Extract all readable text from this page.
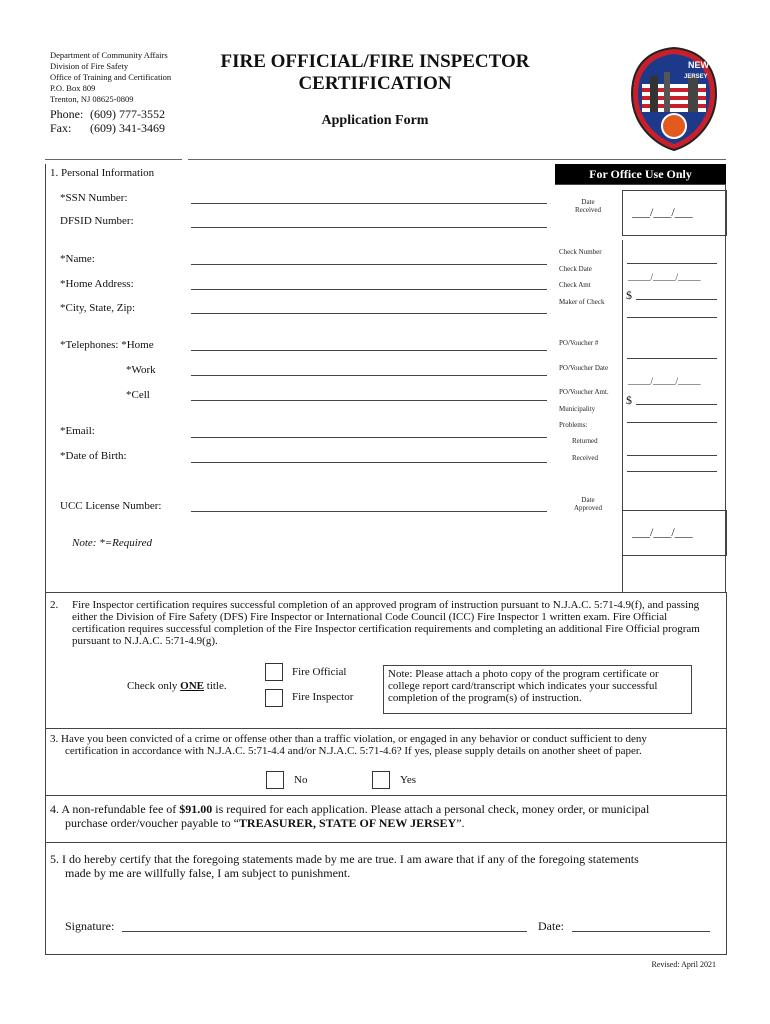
Department of Community Affairs
Division of Fire Safety
Office of Training and Certification
P.O. Box 809
Trenton, NJ 08625-0809
Phone: (609) 777-3552
Fax: (609) 341-3469
FIRE OFFICIAL/FIRE INSPECTOR
CERTIFICATION
Application Form
NEW
JERSEY
1. Personal Information
*SSN Number:
DFSID Number:
*Name:
*Home Address:
*City, State, Zip:
*Telephones: *Home
*Work
*Cell
*Email:
*Date of Birth:
UCC License Number:
Note: *=Required
For Office Use Only
Date
Received	___/___/___
Check Number
Check Date
_____/_____/_____
Check Amt
$
Maker of Check
PO/Voucher #
PO/Voucher Date
_____/_____/_____
PO/Voucher Amt.
$
Municipality
Problems:
Returned
Received
Date
Approved
___/___/___
2. Fire Inspector certification requires successful completion of an approved program of instruction pursuant to N.J.A.C. 5:71-4.9(f), and passing

either the Division of Fire Safety (DFS) Fire Inspector or International Code Council (ICC) Fire Inspector 1 written exam. Fire Official

certification requires successful completion of the Fire Inspector certification requirements and completing an additional Fire Official program

pursuant to N.J.A.C. 5:71-4.9(g).

Check only ONE title.
Fire Official
Fire Inspector

Note: Please attach a photo copy of the program certificate or

college report card/transcript which indicates your successful

completion of the program(s) of instruction.

3. Have you been convicted of a crime or offense other than a traffic violation, or engaged in any behavior or conduct sufficient to deny

certification in accordance with N.J.A.C. 5:71-4.4 and/or N.J.A.C. 5:71-4.6? If yes, please supply details on another sheet of paper.

No	Yes

4. A non-refundable fee of $91.00 is required for each application. Please attach a personal check, money order, or municipal

purchase order/voucher payable to “TREASURER, STATE OF NEW JERSEY”.

5. I do hereby certify that the foregoing statements made by me are true. I am aware that if any of the foregoing statements

made by me are willfully false, I am subject to punishment.

Signature:	Date:
Revised: April 2021
